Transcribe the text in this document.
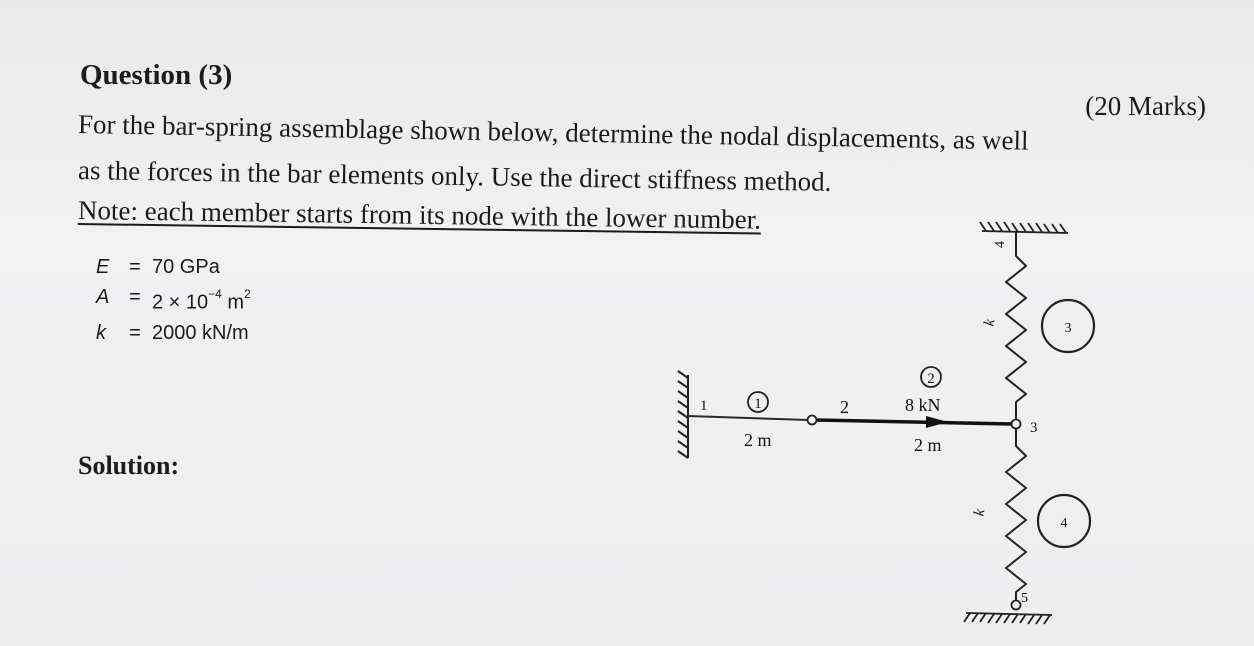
Question (3)
(20 Marks)
For the bar-spring assemblage shown below, determine the nodal displacements, as well
as the forces in the bar elements only. Use the direct stiffness method.
Note: each member starts from its node with the lower number.
E = 70 GPa
$A = 2 \times 10^{-4}$ $m^2$
k	= 2000 kN/m
Solution:
1
2
3
4
1	2
3
4
5
2 m	2 m
8 kN
k
k
